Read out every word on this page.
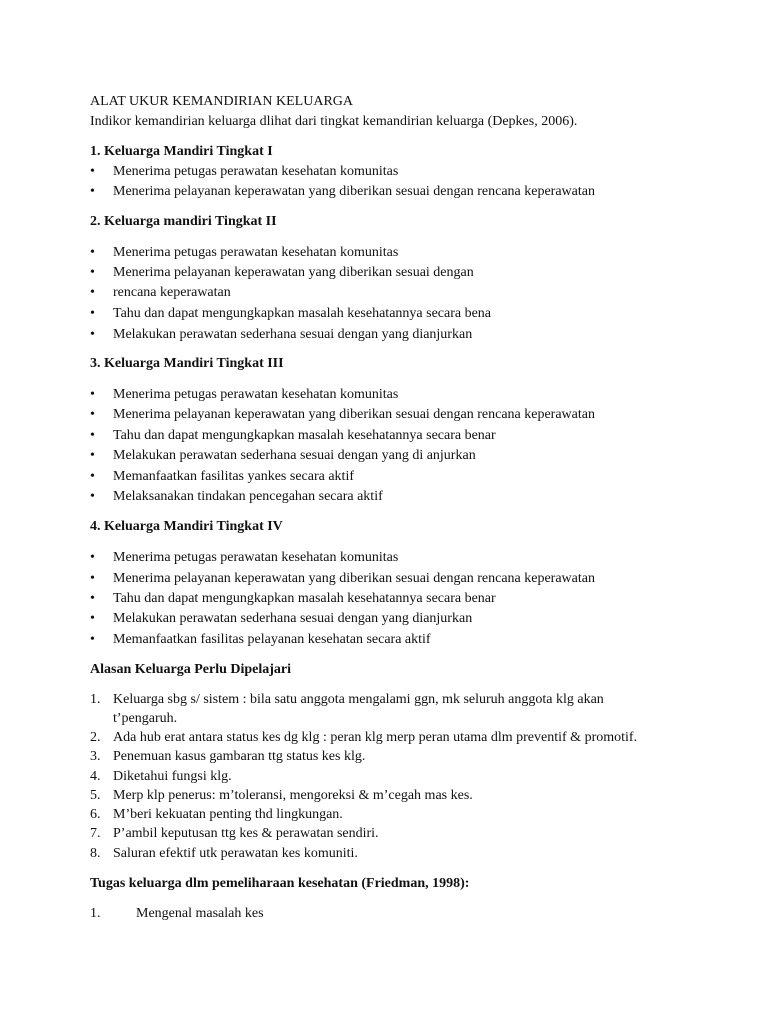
ALAT UKUR KEMANDIRIAN KELUARGA
Indikor kemandirian keluarga dlihat dari tingkat kemandirian keluarga (Depkes, 2006).
1. Keluarga Mandiri Tingkat I
• Menerima petugas perawatan kesehatan komunitas
• Menerima pelayanan keperawatan yang diberikan sesuai dengan rencana keperawatan
2. Keluarga mandiri Tingkat II
• Menerima petugas perawatan kesehatan komunitas
• Menerima pelayanan keperawatan yang diberikan sesuai dengan
• rencana keperawatan
• Tahu dan dapat mengungkapkan masalah kesehatannya secara bena
• Melakukan perawatan sederhana sesuai dengan yang dianjurkan
3. Keluarga Mandiri Tingkat III
• Menerima petugas perawatan kesehatan komunitas
• Menerima pelayanan keperawatan yang diberikan sesuai dengan rencana keperawatan
• Tahu dan dapat mengungkapkan masalah kesehatannya secara benar
• Melakukan perawatan sederhana sesuai dengan yang di anjurkan
• Memanfaatkan fasilitas yankes secara aktif
• Melaksanakan tindakan pencegahan secara aktif
4. Keluarga Mandiri Tingkat IV
• Menerima petugas perawatan kesehatan komunitas
• Menerima pelayanan keperawatan yang diberikan sesuai dengan rencana keperawatan
• Tahu dan dapat mengungkapkan masalah kesehatannya secara benar
• Melakukan perawatan sederhana sesuai dengan yang dianjurkan
• Memanfaatkan fasilitas pelayanan kesehatan secara aktif
Alasan Keluarga Perlu Dipelajari
1. Keluarga sbg s/ sistem : bila satu anggota mengalami ggn, mk seluruh anggota klg akan
t’pengaruh.
2. Ada hub erat antara status kes dg klg : peran klg merp peran utama dlm preventif & promotif.
3. Penemuan kasus gambaran ttg status kes klg.
4. Diketahui fungsi klg.
5. Merp klp penerus: m’toleransi, mengoreksi & m’cegah mas kes.
6. M’beri kekuatan penting thd lingkungan.
7. P’ambil keputusan ttg kes & perawatan sendiri.
8. Saluran efektif utk perawatan kes komuniti.
Tugas keluarga dlm pemeliharaan kesehatan (Friedman, 1998):
1.	Mengenal masalah kes
